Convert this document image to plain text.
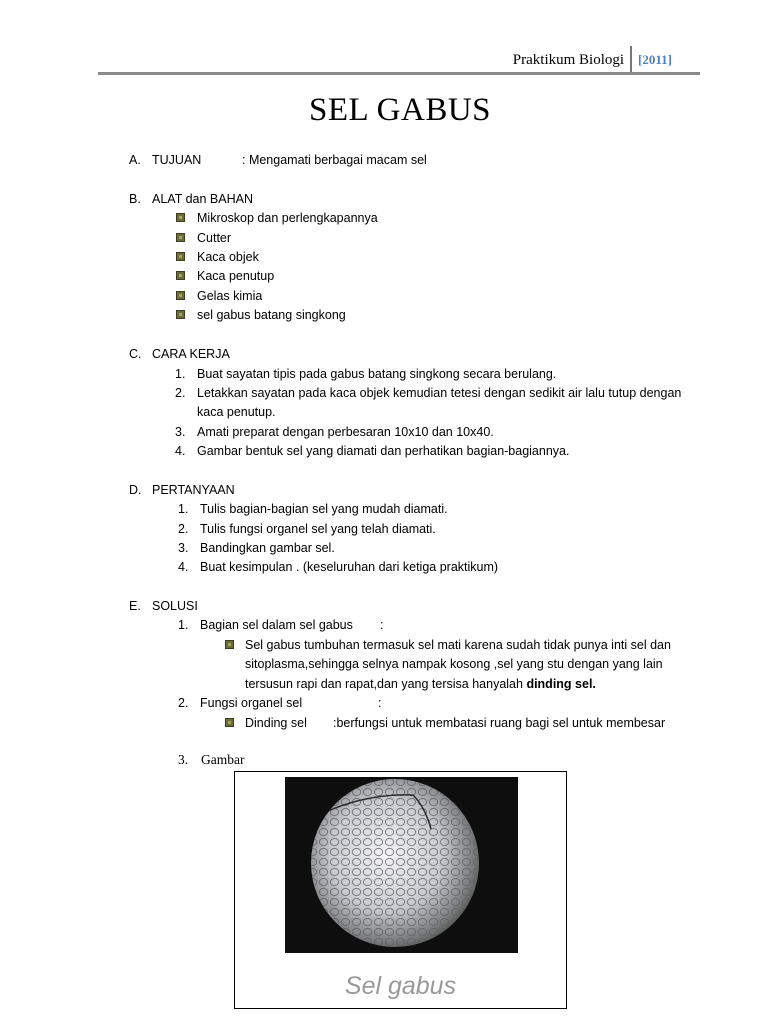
Praktikum Biologi	[2011]
SEL GABUS
A. TUJUAN	: Mengamati berbagai macam sel
B. ALAT dan BAHAN
Mikroskop dan perlengkapannya
Cutter
Kaca objek
Kaca penutup
Gelas kimia
sel gabus batang singkong
C. CARA KERJA
1. Buat sayatan tipis pada gabus batang singkong secara berulang.
2. Letakkan sayatan pada kaca objek kemudian tetesi dengan sedikit air lalu tutup dengan
kaca penutup.
3. Amati preparat dengan perbesaran 10x10 dan 10x40.
4. Gambar bentuk sel yang diamati dan perhatikan bagian-bagiannya.
D. PERTANYAAN
1. Tulis bagian-bagian sel yang mudah diamati.
2. Tulis fungsi organel sel yang telah diamati.
3. Bandingkan gambar sel.
4. Buat kesimpulan . (keseluruhan dari ketiga praktikum)
E. SOLUSI
1. Bagian sel dalam sel gabus :
Sel gabus tumbuhan termasuk sel mati karena sudah tidak punya inti sel dan
sitoplasma,sehingga selnya nampak kosong ,sel yang stu dengan yang lain
tersusun rapi dan rapat,dan yang tersisa hanyalah dinding sel.
2. Fungsi organel sel	:
Dinding sel :berfungsi untuk membatasi ruang bagi sel untuk membesar
3. Gambar
Sel gabus
